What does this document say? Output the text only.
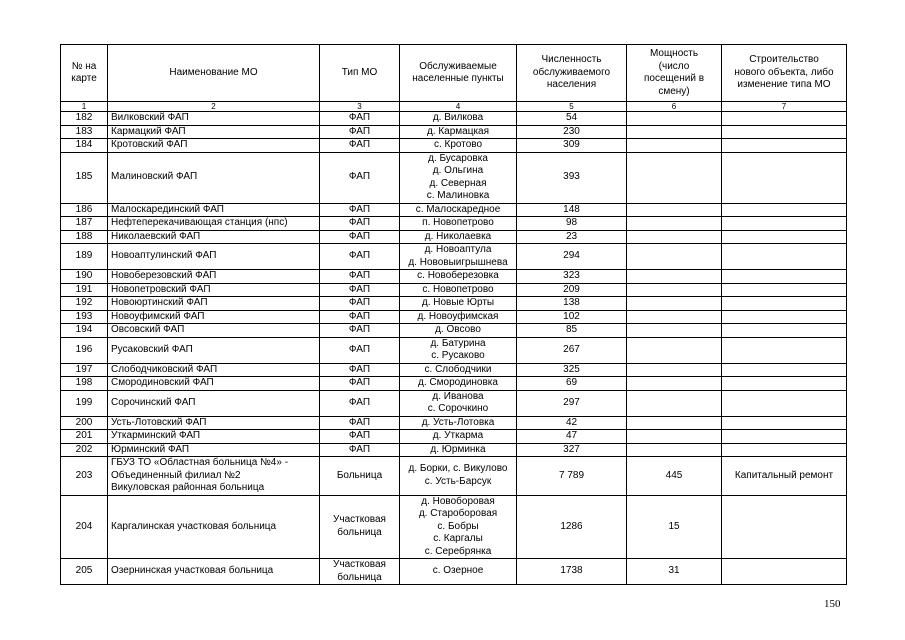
№ на
карте	Наименование МО	Тип МО	Обслуживаемые
населенные пункты	Численность
обслуживаемого
населения	Мощность
(число
посещений в
смену)	Строительство
нового объекта, либо
изменение типа МО
1	2	3	4	5	6	7
182	Вилковский ФАП	ФАП	д. Вилкова	54		
183	Кармацкий ФАП	ФАП	д. Кармацкая	230		
184	Кротовский ФАП	ФАП	с. Кротово	309		
185	Малиновский ФАП	ФАП	д. Бусаровка
д. Ольгина
д. Северная
с. Малиновка	393		
186	Малоскарединский ФАП	ФАП	с. Малоскаредное	148		
187	Нефтеперекачивающая станция (нпс)	ФАП	п. Новопетрово	98		
188	Николаевский ФАП	ФАП	д. Николаевка	23		
189	Новоаптулинский ФАП	ФАП	д. Новоаптула
д. Нововыигрышнева	294		
190	Новоберезовский ФАП	ФАП	с. Новоберезовка	323		
191	Новопетровский ФАП	ФАП	с. Новопетрово	209		
192	Новоюртинский ФАП	ФАП	д. Новые Юрты	138		
193	Новоуфимский ФАП	ФАП	д. Новоуфимская	102		
194	Овсовский ФАП	ФАП	д. Овсово	85		
196	Русаковский ФАП	ФАП	д. Батурина
с. Русаково	267		
197	Слободчиковский ФАП	ФАП	с. Слободчики	325		
198	Смородиновский ФАП	ФАП	д. Смородиновка	69		
199	Сорочинский ФАП	ФАП	д. Иванова
с. Сорочкино	297		
200	Усть-Лотовский ФАП	ФАП	д. Усть-Лотовка	42		
201	Уткарминский ФАП	ФАП	д. Уткарма	47		
202	Юрминский ФАП	ФАП	д. Юрминка	327		
203	ГБУЗ ТО «Областная больница №4» -
Объединенный филиал №2
Викуловская районная больница	Больница	д. Борки, с. Викулово
с. Усть-Барсук	7 789	445	Капитальный ремонт
204	Каргалинская участковая больница	Участковая
больница	д. Новоборовая
д. Староборовая
с. Бобры
с. Каргалы
с. Серебрянка	1286	15	
205	Озернинская участковая больница	Участковая
больница	с. Озерное	1738	31	
150
